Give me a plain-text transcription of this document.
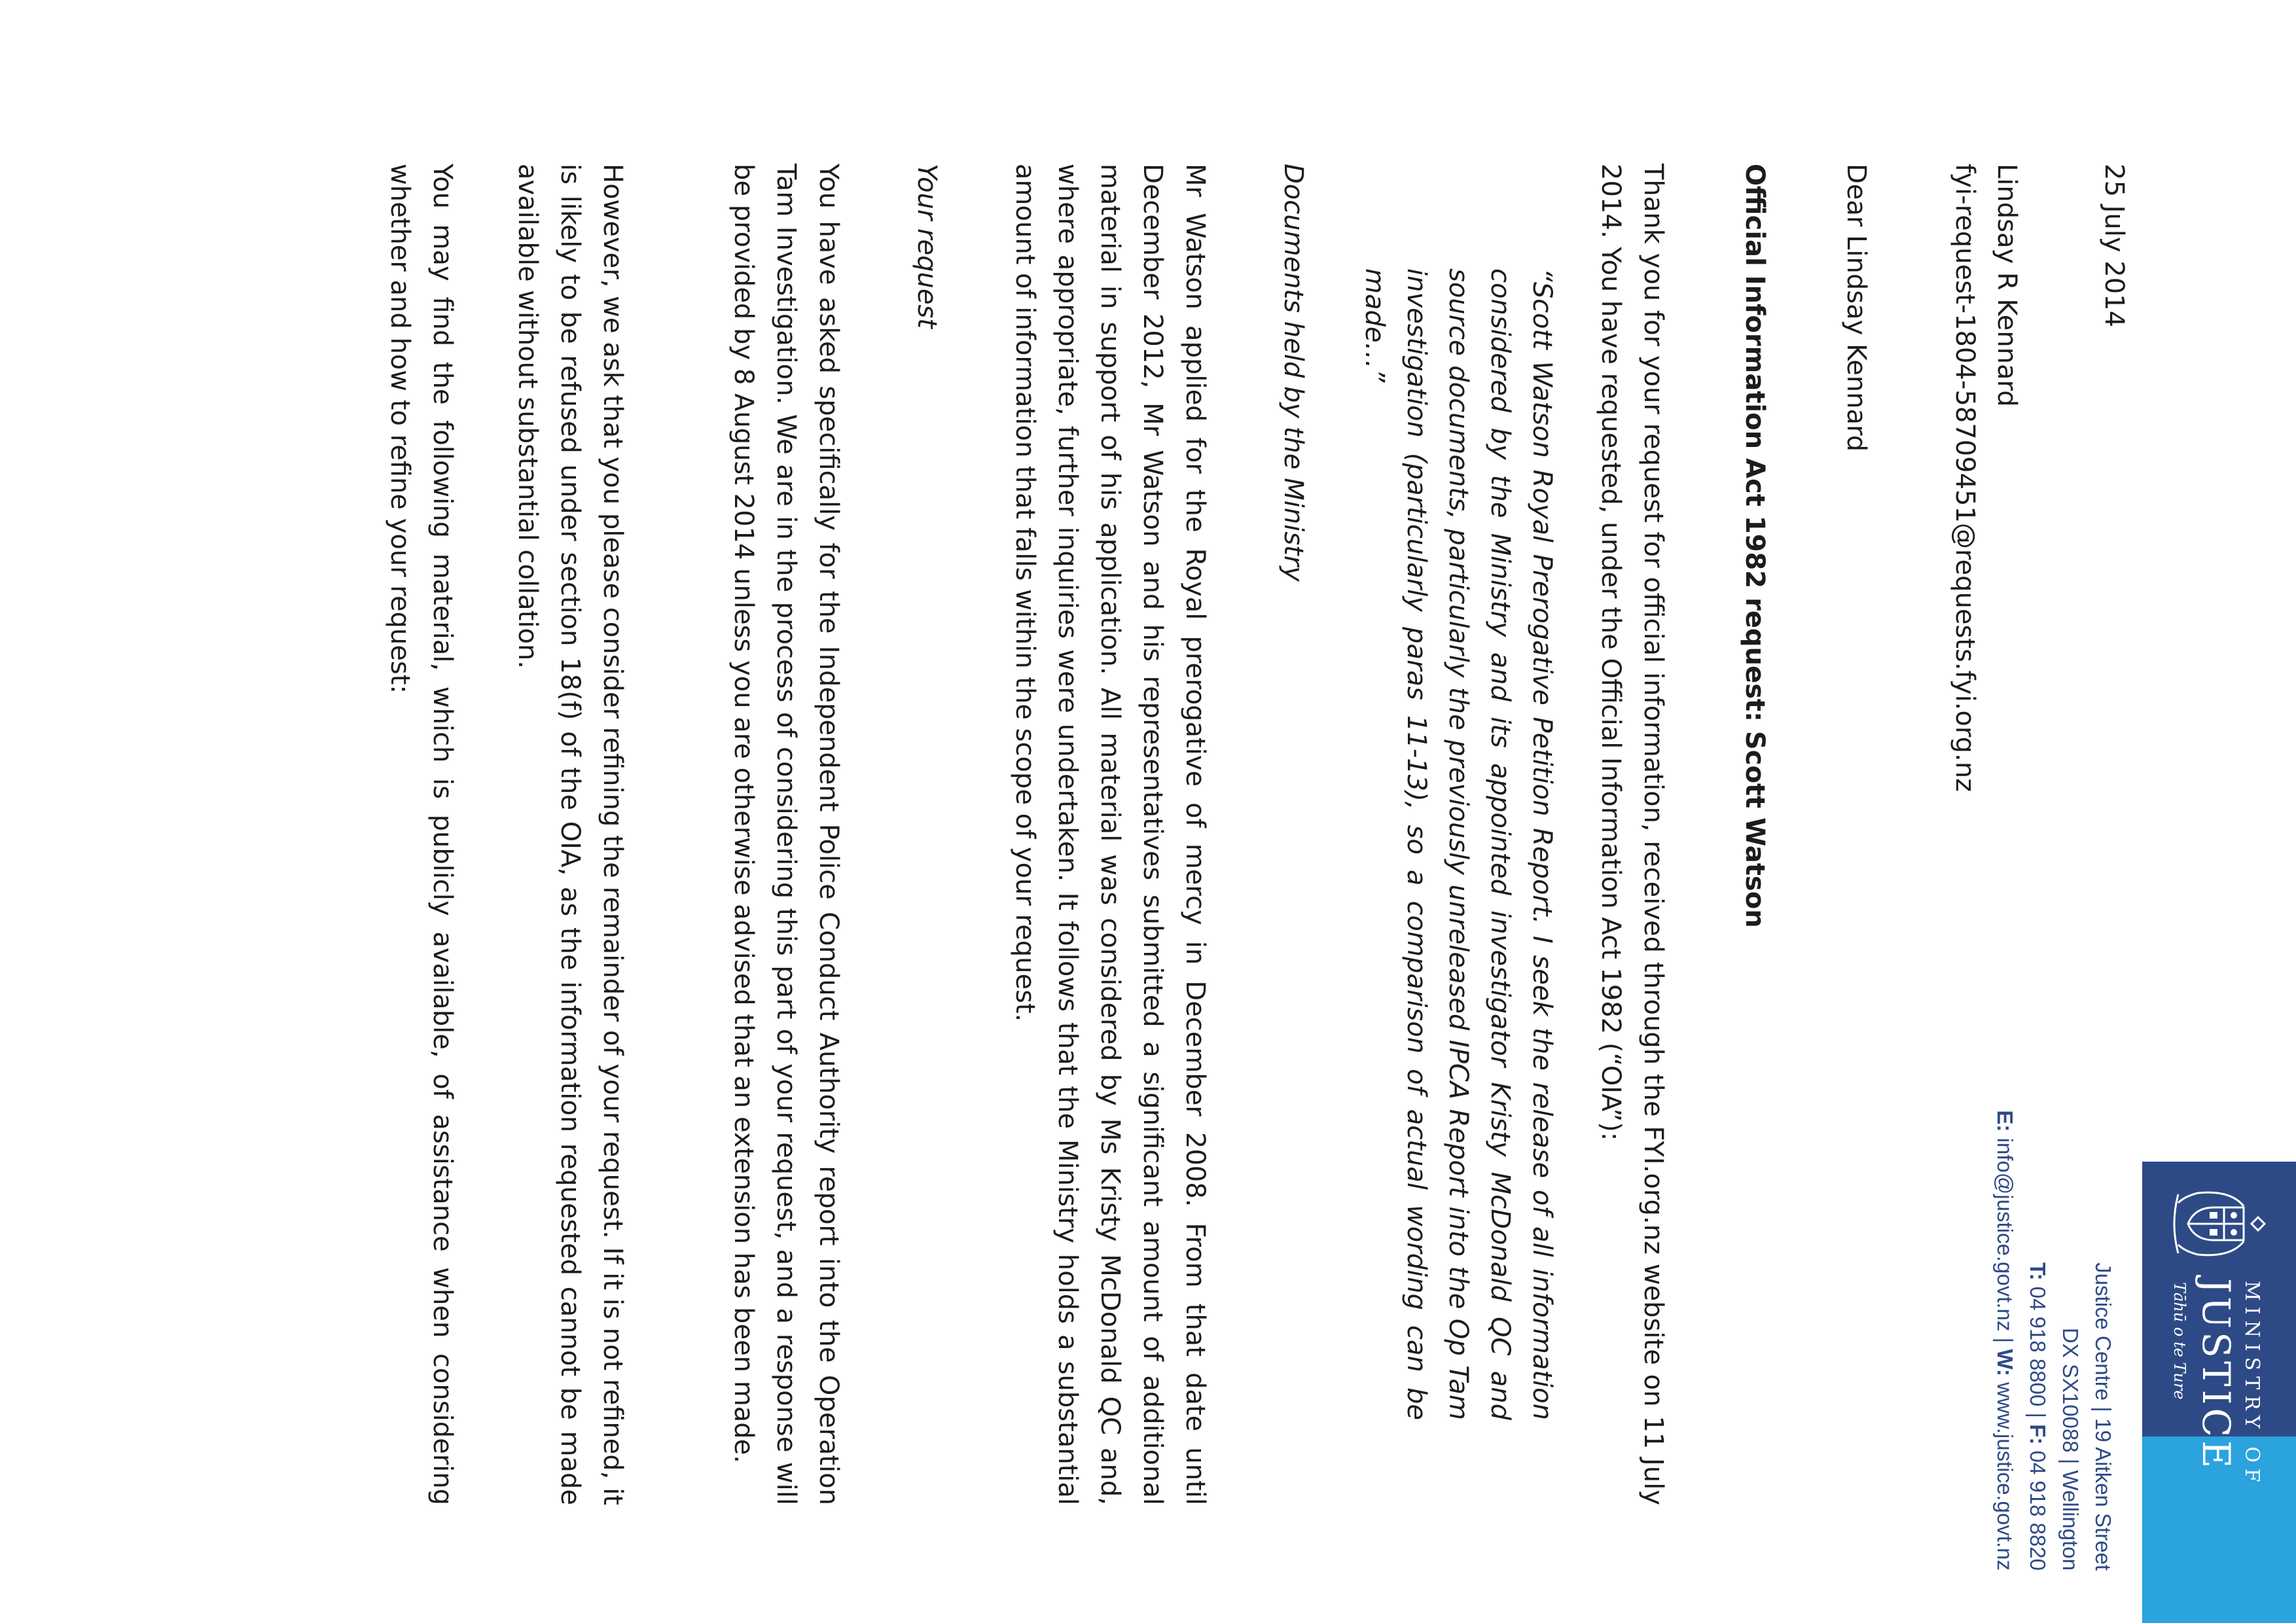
MINISTRY OF
JUSTICE
Tāhū o te Ture
Justice Centre | 19 Aitken Street
DX SX10088 | Wellington
T: 04 918 8800 | F: 04 918 8820
E: info@justice.govt.nz | W: www.justice.govt.nz
25 July 2014
Lindsay R Kennard
fyi-request-1804-58709451@requests.fyi.org.nz
Dear Lindsay Kennard
Official Information Act 1982 request: Scott Watson
Thank you for your request for official information, received through the FYI.org.nz website on 11 July 2014. You have requested, under the Official Information Act 1982 (“OIA”):
“Scott Watson Royal Prerogative Petition Report. I seek the release of all information considered by the Ministry and its appointed investigator Kristy McDonald QC and source documents, particularly the previously unreleased IPCA Report into the Op Tam investigation (particularly paras 11-13), so a comparison of actual wording can be made…”
Documents held by the Ministry
Mr Watson applied for the Royal prerogative of mercy in December 2008. From that date until December 2012, Mr Watson and his representatives submitted a significant amount of additional material in support of his application. All material was considered by Ms Kristy McDonald QC and, where appropriate, further inquiries were undertaken. It follows that the Ministry holds a substantial amount of information that falls within the scope of your request.
Your request
You have asked specifically for the Independent Police Conduct Authority report into the Operation Tam Investigation. We are in the process of considering this part of your request, and a response will be provided by 8 August 2014 unless you are otherwise advised that an extension has been made.
However, we ask that you please consider refining the remainder of your request. If it is not refined, it is likely to be refused under section 18(f) of the OIA, as the information requested cannot be made available without substantial collation.
You may find the following material, which is publicly available, of assistance when considering whether and how to refine your request:
